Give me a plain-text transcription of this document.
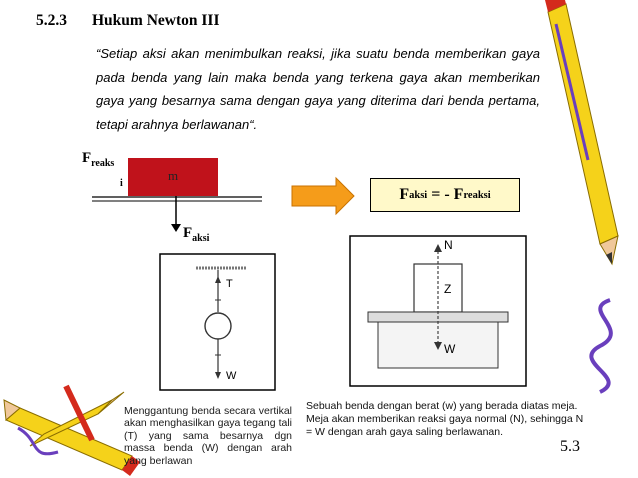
5.2.3 Hukum Newton III
“Setiap aksi akan menimbulkan reaksi, jika suatu benda memberikan gaya pada benda yang lain maka benda yang terkena gaya akan memberikan gaya yang besarnya sama dengan gaya yang diterima dari benda pertama, tetapi arahnya berlawanan“.
$F_{reaks}$
i
m
$F_{aksi}$
F aksi = - F reaksi
T
W
N
Z
W
Menggantung benda secara vertikal akan menghasilkan gaya tegang tali (T) yang sama besarnya dgn massa benda (W) dengan arah yang berlawan
Sebuah benda dengan berat (w) yang berada diatas meja. Meja akan memberikan reaksi gaya normal (N), sehingga N = W dengan arah gaya saling berlawanan.
5.3
